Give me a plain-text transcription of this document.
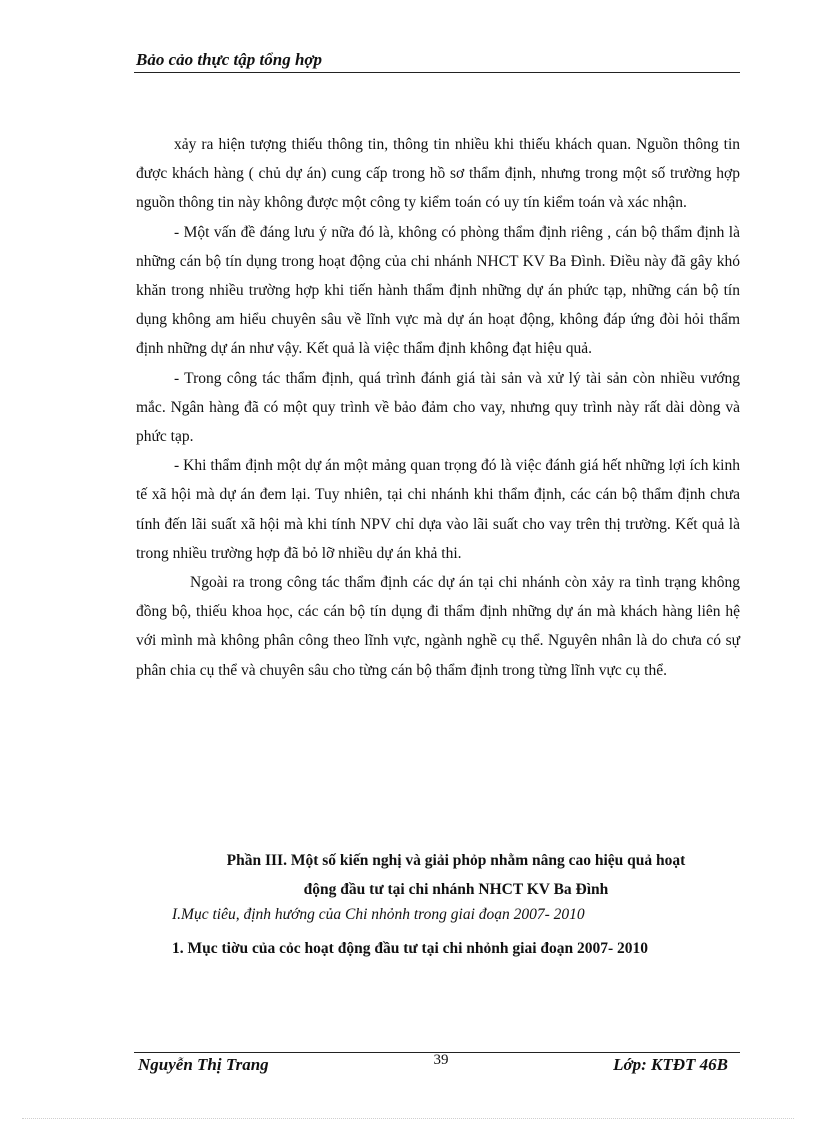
Bảo cảo thực tập tổng hợp

xảy ra hiện tượng thiếu thông tin, thông tin nhiều khi thiếu khách quan. Nguồn thông tin được khách hàng ( chủ dự án) cung cấp trong hồ sơ thẩm định, nhưng trong một số trường hợp nguồn thông tin này không được một công ty kiểm toán có uy tín kiểm toán và xác nhận.

- Một vấn đề đáng lưu ý nữa đó là, không có phòng thẩm định riêng , cán bộ thẩm định là những cán bộ tín dụng trong hoạt động của chi nhánh NHCT KV Ba Đình. Điều này đã gây khó khăn trong nhiều trường hợp khi tiến hành thẩm định những dự án phức tạp, những cán bộ tín dụng không am hiểu chuyên sâu về lĩnh vực mà dự án hoạt động, không đáp ứng đòi hỏi thẩm định những dự án như vậy. Kết quả là việc thẩm định không đạt hiệu quả.

- Trong công tác thẩm định, quá trình đánh giá tài sản và xử lý tài sản còn nhiều vướng mắc. Ngân hàng đã có một quy trình về bảo đảm cho vay, nhưng quy trình này rất dài dòng và phức tạp.

- Khi thẩm định một dự án một mảng quan trọng đó là việc đánh giá hết những lợi ích kinh tế xã hội mà dự án đem lại. Tuy nhiên, tại chi nhánh khi thẩm định, các cán bộ thẩm định chưa tính đến lãi suất xã hội mà khi tính NPV chỉ dựa vào lãi suất cho vay trên thị trường. Kết quả là trong nhiều trường hợp đã bỏ lỡ nhiều dự án khả thi.

Ngoài ra trong công tác thẩm định các dự án tại chi nhánh còn xảy ra tình trạng không đồng bộ, thiếu khoa học, các cán bộ tín dụng đi thẩm định những dự án mà khách hàng liên hệ với mình mà không phân công theo lĩnh vực, ngành nghề cụ thể. Nguyên nhân là do chưa có sự phân chia cụ thể và chuyên sâu cho từng cán bộ thẩm định trong từng lĩnh vực cụ thể.

Phần III. Một số kiến nghị và giải phỏp nhằm nâng cao hiệu quả hoạt
động đầu tư tại chi nhánh NHCT KV Ba Đình
I.Mục tiêu, định hướng của Chi nhỏnh trong giai đoạn 2007- 2010
1. Mục tiờu của cỏc hoạt động đầu tư tại chi nhỏnh giai đoạn 2007- 2010
Nguyễn Thị Trang	39	Lớp: KTĐT 46B
